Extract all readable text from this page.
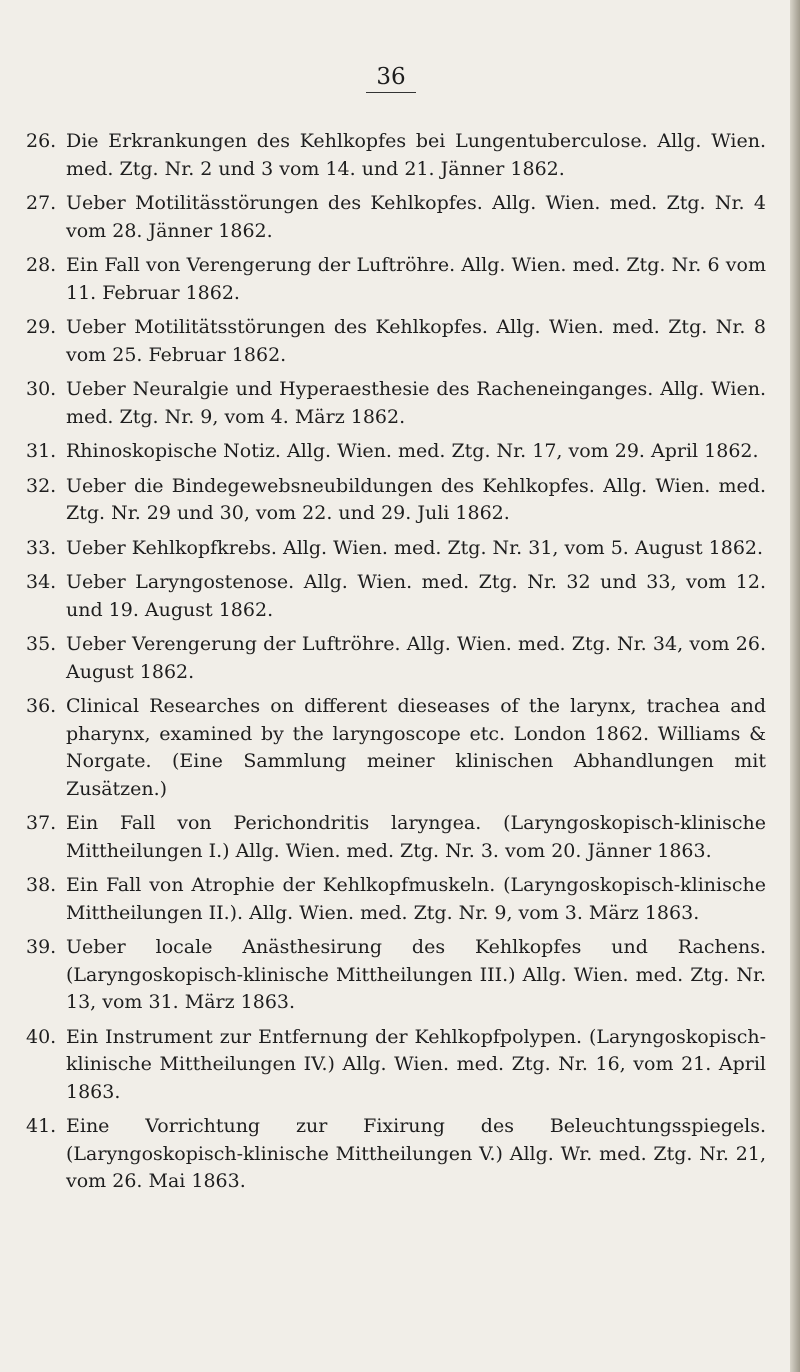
36
26. Die Erkrankungen des Kehlkopfes bei Lungentuberculose. Allg. Wien. med. Ztg. Nr. 2 und 3 vom 14. und 21. Jänner 1862.
27. Ueber Motilitässtörungen des Kehlkopfes. Allg. Wien. med. Ztg. Nr. 4 vom 28. Jänner 1862.
28. Ein Fall von Verengerung der Luftröhre. Allg. Wien. med. Ztg. Nr. 6 vom 11. Februar 1862.
29. Ueber Motilitätsstörungen des Kehlkopfes. Allg. Wien. med. Ztg. Nr. 8 vom 25. Februar 1862.
30. Ueber Neuralgie und Hyperaesthesie des Racheneinganges. Allg. Wien. med. Ztg. Nr. 9, vom 4. März 1862.
31. Rhinoskopische Notiz. Allg. Wien. med. Ztg. Nr. 17, vom 29. April 1862.
32. Ueber die Bindegewebsneubildungen des Kehlkopfes. Allg. Wien. med. Ztg. Nr. 29 und 30, vom 22. und 29. Juli 1862.
33. Ueber Kehlkopfkrebs. Allg. Wien. med. Ztg. Nr. 31, vom 5. August 1862.
34. Ueber Laryngostenose. Allg. Wien. med. Ztg. Nr. 32 und 33, vom 12. und 19. August 1862.
35. Ueber Verengerung der Luftröhre. Allg. Wien. med. Ztg. Nr. 34, vom 26. August 1862.
36. Clinical Researches on different dieseases of the larynx, trachea and pharynx, examined by the laryngoscope etc. London 1862. Williams & Norgate. (Eine Sammlung meiner klinischen Abhandlungen mit Zusätzen.)
37. Ein Fall von Perichondritis laryngea. (Laryngoskopisch-klinische Mittheilungen I.) Allg. Wien. med. Ztg. Nr. 3. vom 20. Jänner 1863.
38. Ein Fall von Atrophie der Kehlkopfmuskeln. (Laryngoskopisch-klinische Mittheilungen II.). Allg. Wien. med. Ztg. Nr. 9, vom 3. März 1863.
39. Ueber locale Anästhesirung des Kehlkopfes und Rachens. (Laryngoskopisch-klinische Mittheilungen III.) Allg. Wien. med. Ztg. Nr. 13, vom 31. März 1863.
40. Ein Instrument zur Entfernung der Kehlkopfpolypen. (Laryngoskopisch-klinische Mittheilungen IV.) Allg. Wien. med. Ztg. Nr. 16, vom 21. April 1863.
41. Eine Vorrichtung zur Fixirung des Beleuchtungsspiegels. (Laryngoskopisch-klinische Mittheilungen V.) Allg. Wr. med. Ztg. Nr. 21, vom 26. Mai 1863.
